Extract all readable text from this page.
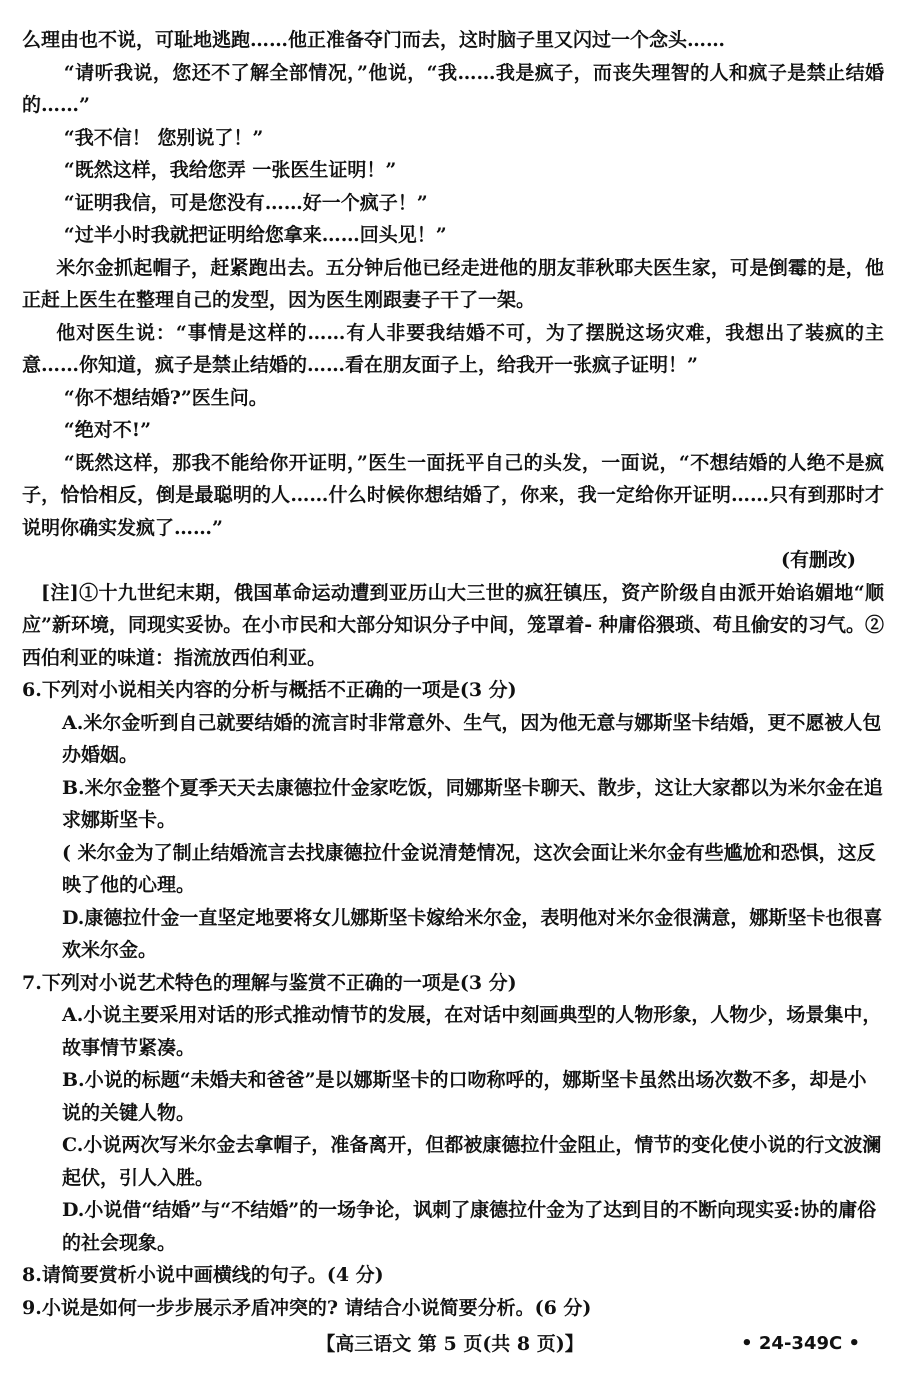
么理由也不说，可耻地逃跑……他正准备夺门而去，这时脑子里又闪过一个念头……

“请听我说，您还不了解全部情况，”他说，“我……我是疯子，而丧失理智的人和疯子是禁止结婚的……”

“我不信！ 您别说了！”

“既然这样，我给您弄 一张医生证明！”

“证明我信，可是您没有……好一个疯子！”

“过半小时我就把证明给您拿来……回头见！”

米尔金抓起帽子，赶紧跑出去。五分钟后他已经走进他的朋友菲秋耶夫医生家，可是倒霉的是，他正赶上医生在整理自己的发型，因为医生刚跟妻子干了一架。

他对医生说：“事情是这样的……有人非要我结婚不可，为了摆脱这场灾难，我想出了装疯的主意……你知道，疯子是禁止结婚的……看在朋友面子上，给我开一张疯子证明！”

“你不想结婚?”医生问。

“绝对不!”

“既然这样，那我不能给你开证明，”医生一面抚平自己的头发，一面说，“不想结婚的人绝不是疯子，恰恰相反，倒是最聪明的人……什么时候你想结婚了，你来，我一定给你开证明……只有到那时才说明你确实发疯了……”

(有删改)

[注]①十九世纪末期，俄国革命运动遭到亚历山大三世的疯狂镇压，资产阶级自由派开始谄媚地“顺应”新环境，同现实妥协。在小市民和大部分知识分子中间，笼罩着- 种庸俗猥琐、苟且偷安的习气。②西伯利亚的味道：指流放西伯利亚。

6.下列对小说相关内容的分析与概括不正确的一项是(3 分)

A.米尔金听到自己就要结婚的流言时非常意外、生气，因为他无意与娜斯坚卡结婚，更不愿被人包办婚姻。
B.米尔金整个夏季天天去康德拉什金家吃饭，同娜斯坚卡聊天、散步，这让大家都以为米尔金在追求娜斯坚卡。
( 米尔金为了制止结婚流言去找康德拉什金说清楚情况，这次会面让米尔金有些尴尬和恐惧，这反映了他的心理。
D.康德拉什金一直坚定地要将女儿娜斯坚卡嫁给米尔金，表明他对米尔金很满意，娜斯坚卡也很喜欢米尔金。

7.下列对小说艺术特色的理解与鉴赏不正确的一项是(3 分)

A.小说主要采用对话的形式推动情节的发展，在对话中刻画典型的人物形象，人物少，场景集中，故事情节紧凑。
B.小说的标题“未婚夫和爸爸”是以娜斯坚卡的口吻称呼的，娜斯坚卡虽然出场次数不多，却是小说的关键人物。
C.小说两次写米尔金去拿帽子，准备离开，但都被康德拉什金阻止，情节的变化使小说的行文波澜起伏，引人入胜。
D.小说借“结婚”与“不结婚”的一场争论，讽刺了康德拉什金为了达到目的不断向现实妥:协的庸俗的社会现象。

8.请简要赏析小说中画横线的句子。(4 分)

9.小说是如何一步步展示矛盾冲突的? 请结合小说简要分析。(6 分)

【高三语文 第 5 页(共 8 页)】	• 24-349C •
